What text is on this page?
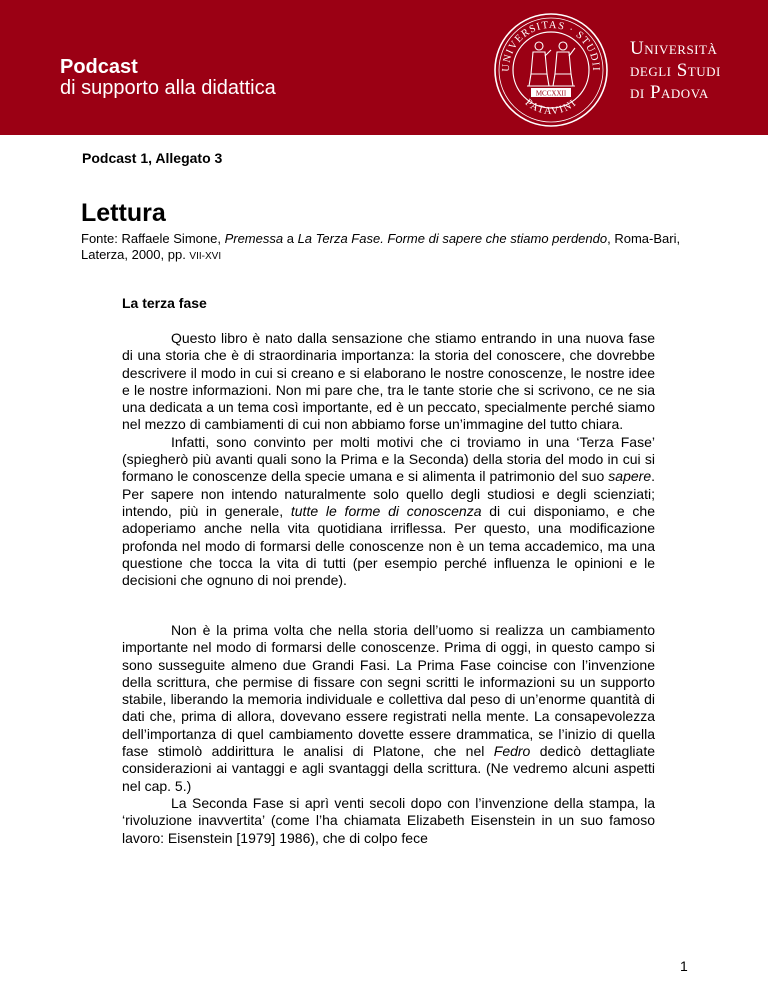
Podcast
di supporto alla didattica
UNIVERSITAS · STUDII
PATAVINI
MCCXXII
Università
degli Studi
di Padova
Podcast 1, Allegato 3
Lettura
Fonte: Raffaele Simone, Premessa a La Terza Fase. Forme di sapere che stiamo perdendo, Roma-Bari, Laterza, 2000, pp. VII-XVI
La terza fase

Questo libro è nato dalla sensazione che stiamo entrando in una nuova fase di una storia che è di straordinaria importanza: la storia del conoscere, che dovrebbe descrivere il modo in cui si creano e si elaborano le nostre conoscenze, le nostre idee e le nostre informazioni. Non mi pare che, tra le tante storie che si scrivono, ce ne sia una dedicata a un tema così importante, ed è un peccato, specialmente perché siamo nel mezzo di cambiamenti di cui non abbiamo forse un’immagine del tutto chiara.

Infatti, sono convinto per molti motivi che ci troviamo in una ‘Terza Fase’ (spiegherò più avanti quali sono la Prima e la Seconda) della storia del modo in cui si formano le conoscenze della specie umana e si alimenta il patrimonio del suo sapere. Per sapere non intendo naturalmente solo quello degli studiosi e degli scienziati; intendo, più in generale, tutte le forme di conoscenza di cui disponiamo, e che adoperiamo anche nella vita quotidiana irriflessa. Per questo, una modificazione profonda nel modo di formarsi delle conoscenze non è un tema accademico, ma una questione che tocca la vita di tutti (per esempio perché influenza le opinioni e le decisioni che ognuno di noi prende).

Non è la prima volta che nella storia dell’uomo si realizza un cambiamento importante nel modo di formarsi delle conoscenze. Prima di oggi, in questo campo si sono susseguite almeno due Grandi Fasi. La Prima Fase coincise con l’invenzione della scrittura, che permise di fissare con segni scritti le informazioni su un supporto stabile, liberando la memoria individuale e collettiva dal peso di un’enorme quantità di dati che, prima di allora, dovevano essere registrati nella mente. La consapevolezza dell’importanza di quel cambiamento dovette essere drammatica, se l’inizio di quella fase stimolò addirittura le analisi di Platone, che nel Fedro dedicò dettagliate considerazioni ai vantaggi e agli svantaggi della scrittura. (Ne vedremo alcuni aspetti nel cap. 5.)

La Seconda Fase si aprì venti secoli dopo con l’invenzione della stampa, la ‘rivoluzione inavvertita’ (come l’ha chiamata Elizabeth Eisenstein in un suo famoso lavoro: Eisenstein [1979] 1986), che di colpo fece

1
